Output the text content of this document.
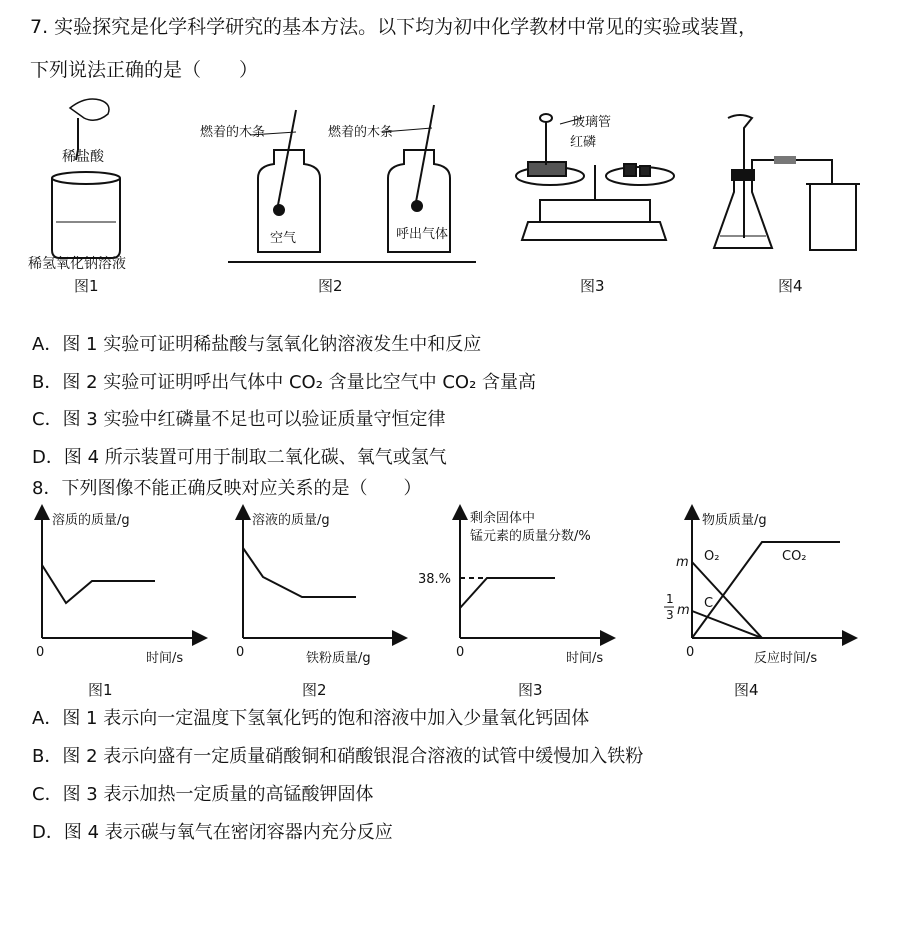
7. 实验探究是化学科学研究的基本方法。以下均为初中化学教材中常见的实验或装置，
下列说法正确的是（　　）
稀盐酸
稀氢氧化钠溶液
燃着的木条	燃着的木条
空气	呼出气体
玻璃管
红磷
图1	图2	图3	图4
A．图 1 实验可证明稀盐酸与氢氧化钠溶液发生中和反应
B．图 2 实验可证明呼出气体中 CO₂ 含量比空气中 CO₂ 含量高
C．图 3 实验中红磷量不足也可以验证质量守恒定律
D．图 4 所示装置可用于制取二氧化碳、氧气或氢气
8．下列图像不能正确反映对应关系的是（　　）
溶质的质量/g
时间/s
0
溶液的质量/g
铁粉质量/g
0
剩余固体中
锰元素的质量分数/%
时间/s
38.%
0
物质质量/g
反应时间/s
0
m
1
3 m
O₂	CO₂
C
图1	图2	图3	图4
A．图 1 表示向一定温度下氢氧化钙的饱和溶液中加入少量氧化钙固体
B．图 2 表示向盛有一定质量硝酸铜和硝酸银混合溶液的试管中缓慢加入铁粉
C．图 3 表示加热一定质量的高锰酸钾固体
D．图 4 表示碳与氧气在密闭容器内充分反应
